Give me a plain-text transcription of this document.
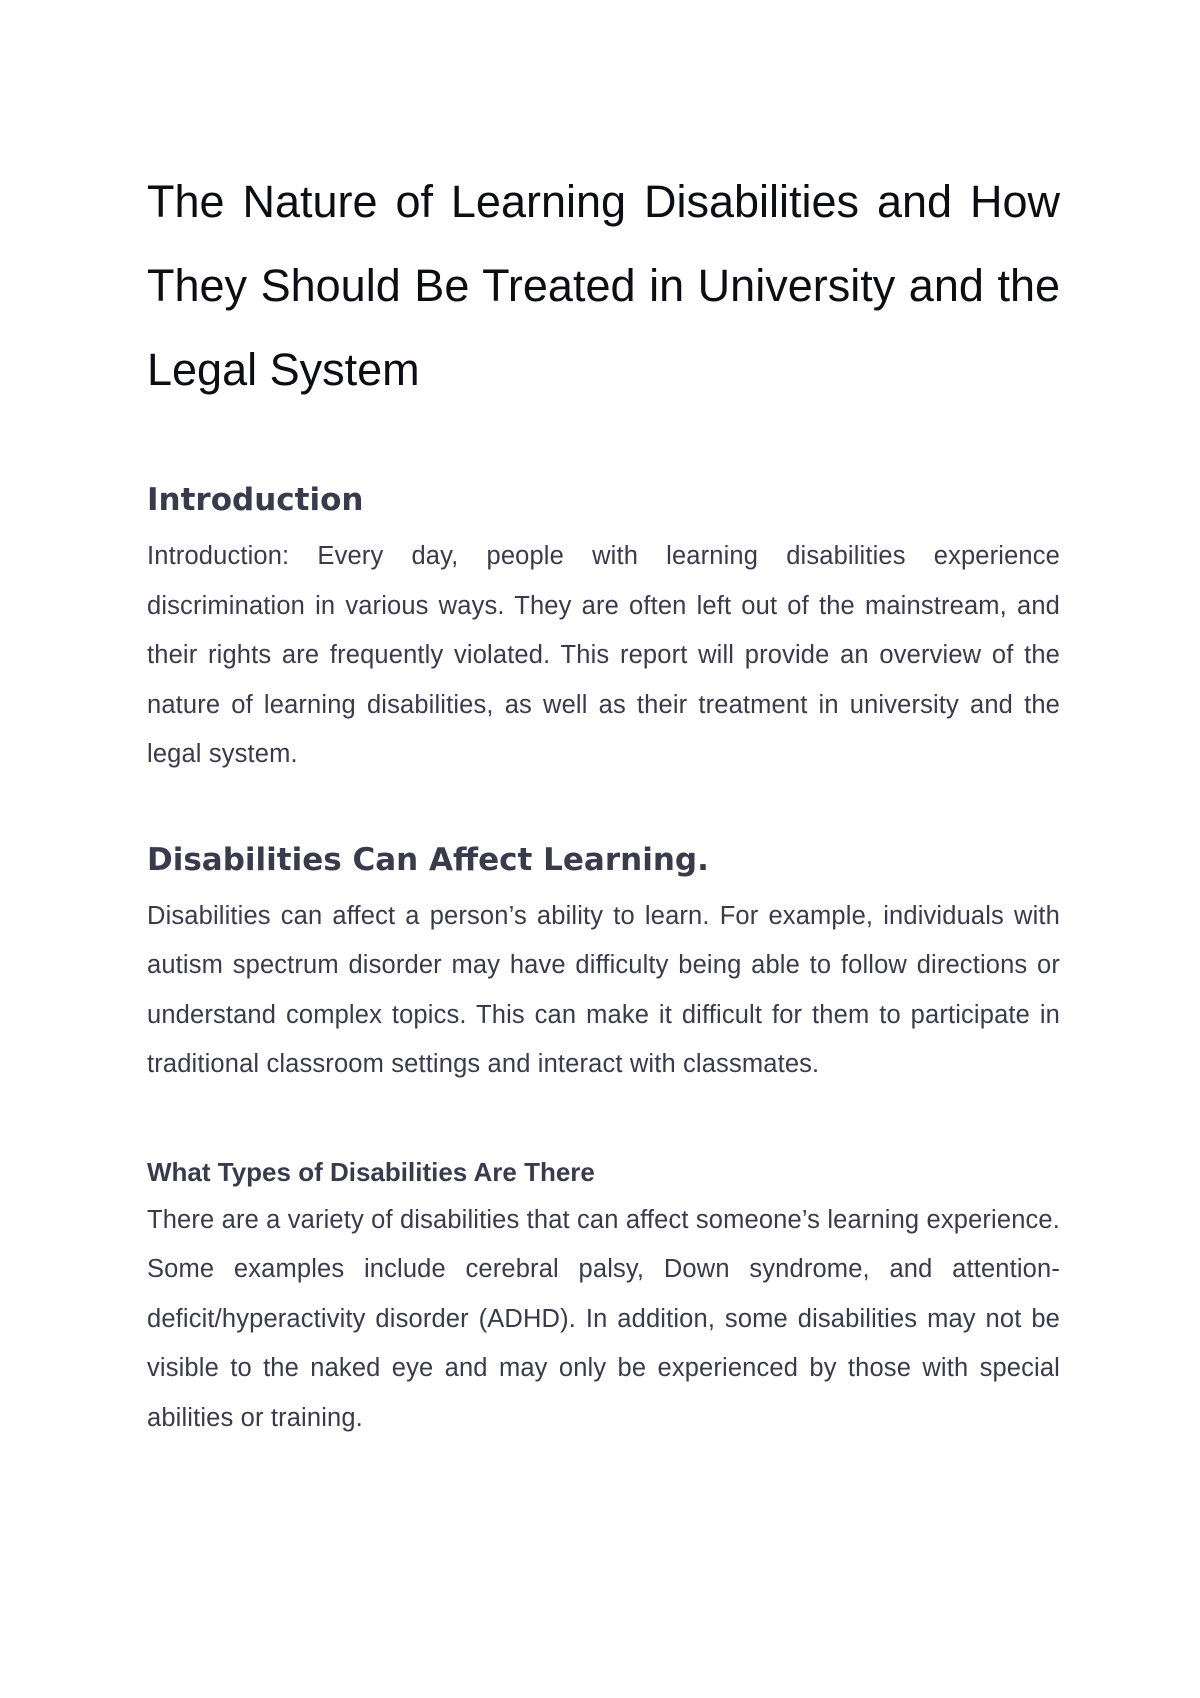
The Nature of Learning Disabilities and How They Should Be Treated in University and the Legal System
Introduction

Introduction: Every day, people with learning disabilities experience discrimination in various ways. They are often left out of the mainstream, and their rights are frequently violated. This report will provide an overview of the nature of learning disabilities, as well as their treatment in university and the legal system.

Disabilities Can Affect Learning.

Disabilities can affect a person’s ability to learn. For example, individuals with autism spectrum disorder may have difficulty being able to follow directions or understand complex topics. This can make it difficult for them to participate in traditional classroom settings and interact with classmates.

What Types of Disabilities Are There

There are a variety of disabilities that can affect someone’s learning experience. Some examples include cerebral palsy, Down syndrome, and attention-deficit/hyperactivity disorder (ADHD). In addition, some disabilities may not be visible to the naked eye and may only be experienced by those with special abilities or training.
